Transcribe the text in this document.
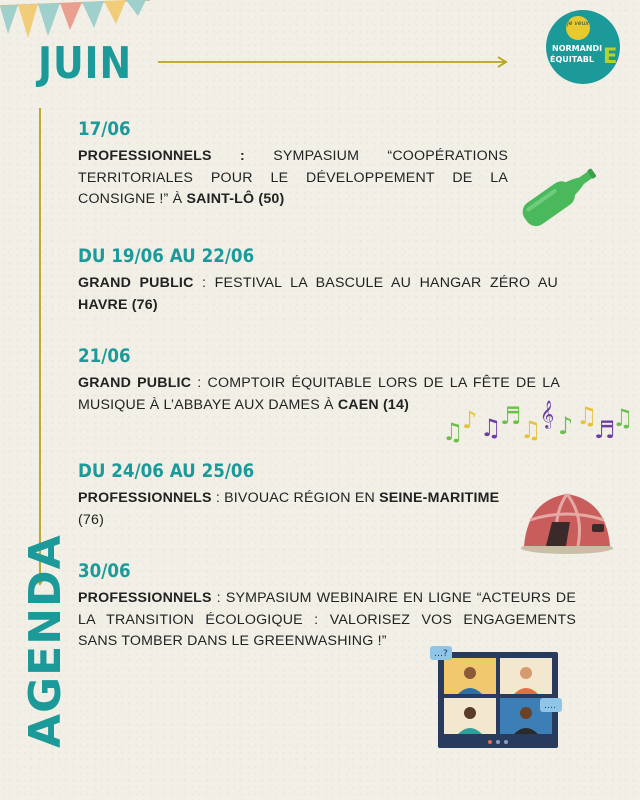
JUIN
je veux
NORMANDI
ÉQUITABL E
17/06
PROFESSIONNELS : SYMPASIUM “COOPÉRATIONS TERRITORIALES POUR LE DÉVELOPPEMENT DE LA CONSIGNE !” À SAINT-LÔ (50)
DU 19/06 AU 22/06
GRAND PUBLIC : FESTIVAL LA BASCULE AU HANGAR ZÉRO AU HAVRE (76)
21/06
GRAND PUBLIC : COMPTOIR ÉQUITABLE LORS DE LA FÊTE DE LA MUSIQUE À L’ABBAYE AUX DAMES À CAEN (14)
DU 24/06 AU 25/06
PROFESSIONNELS : BIVOUAC RÉGION EN SEINE-MARITIME
(76)
30/06
PROFESSIONNELS : SYMPASIUM WEBINAIRE EN LIGNE “ACTEURS DE LA TRANSITION ÉCOLOGIQUE : VALORISEZ VOS ENGAGEMENTS SANS TOMBER DANS LE GREENWASHING !”
AGENDA
♫
♪ ♫
♬
♫
𝄞 ♪ ♫
♬
♫
…?
….
